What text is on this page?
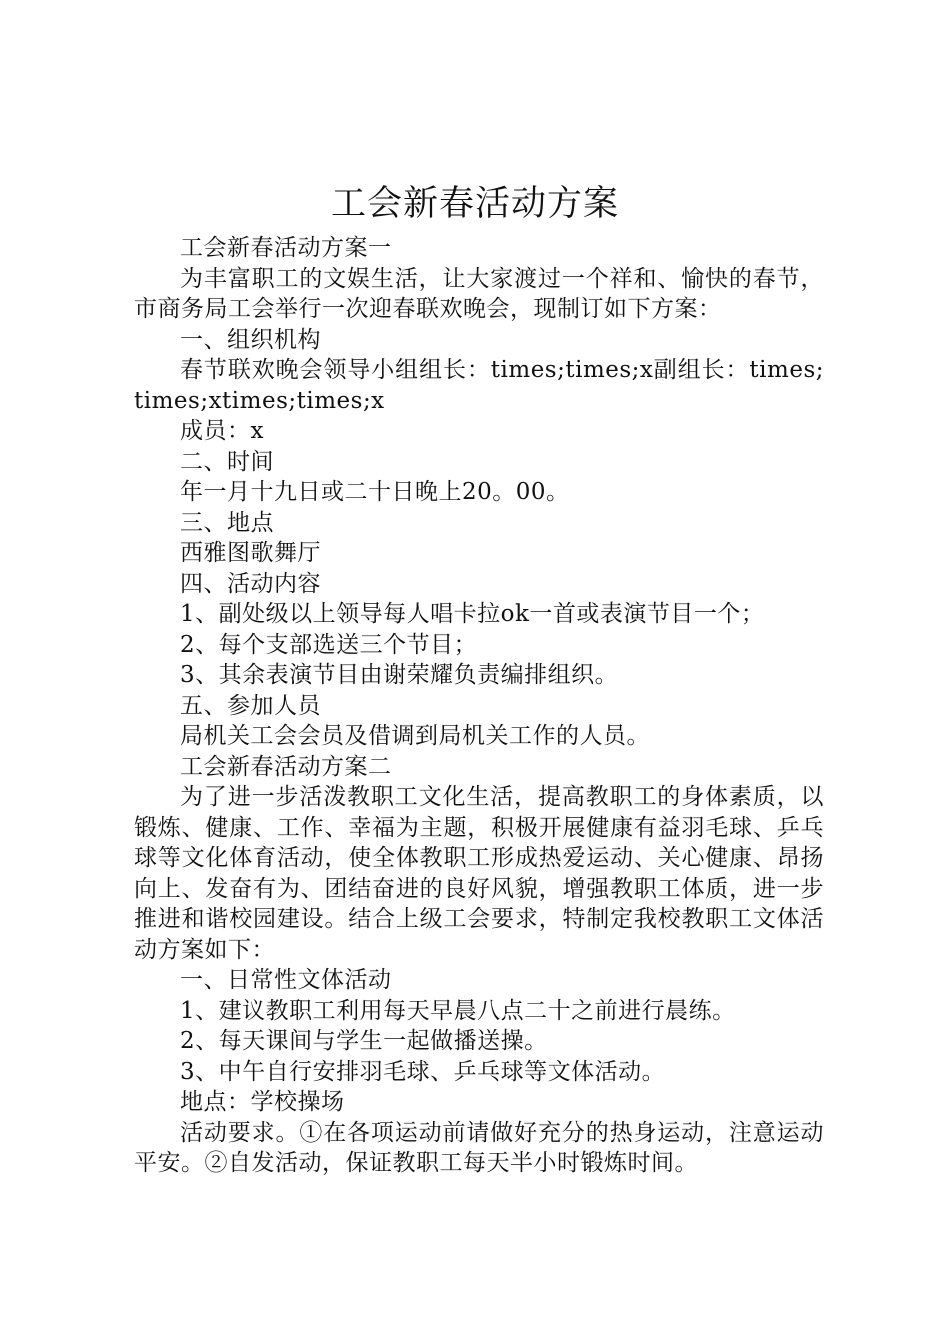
工会新春活动方案

工会新春活动方案一

为丰富职工的文娱生活，让大家渡过一个祥和、愉快的春节，市商务局工会举行一次迎春联欢晚会，现制订如下方案：

一、组织机构

春节联欢晚会领导小组组长：times;times;x副组长：times;times;xtimes;times;x

成员：x

二、时间

年一月十九日或二十日晚上20。00。

三、地点

西雅图歌舞厅

四、活动内容

1、副处级以上领导每人唱卡拉ok一首或表演节目一个；

2、每个支部选送三个节目；

3、其余表演节目由谢荣耀负责编排组织。

五、参加人员

局机关工会会员及借调到局机关工作的人员。

工会新春活动方案二

为了进一步活泼教职工文化生活，提高教职工的身体素质，以锻炼、健康、工作、幸福为主题，积极开展健康有益羽毛球、乒乓球等文化体育活动，使全体教职工形成热爱运动、关心健康、昂扬向上、发奋有为、团结奋进的良好风貌，增强教职工体质，进一步推进和谐校园建设。结合上级工会要求，特制定我校教职工文体活动方案如下：

一、日常性文体活动

1、建议教职工利用每天早晨八点二十之前进行晨练。

2、每天课间与学生一起做播送操。

3、中午自行安排羽毛球、乒乓球等文体活动。

地点：学校操场

活动要求。①在各项运动前请做好充分的热身运动，注意运动平安。②自发活动，保证教职工每天半小时锻炼时间。
